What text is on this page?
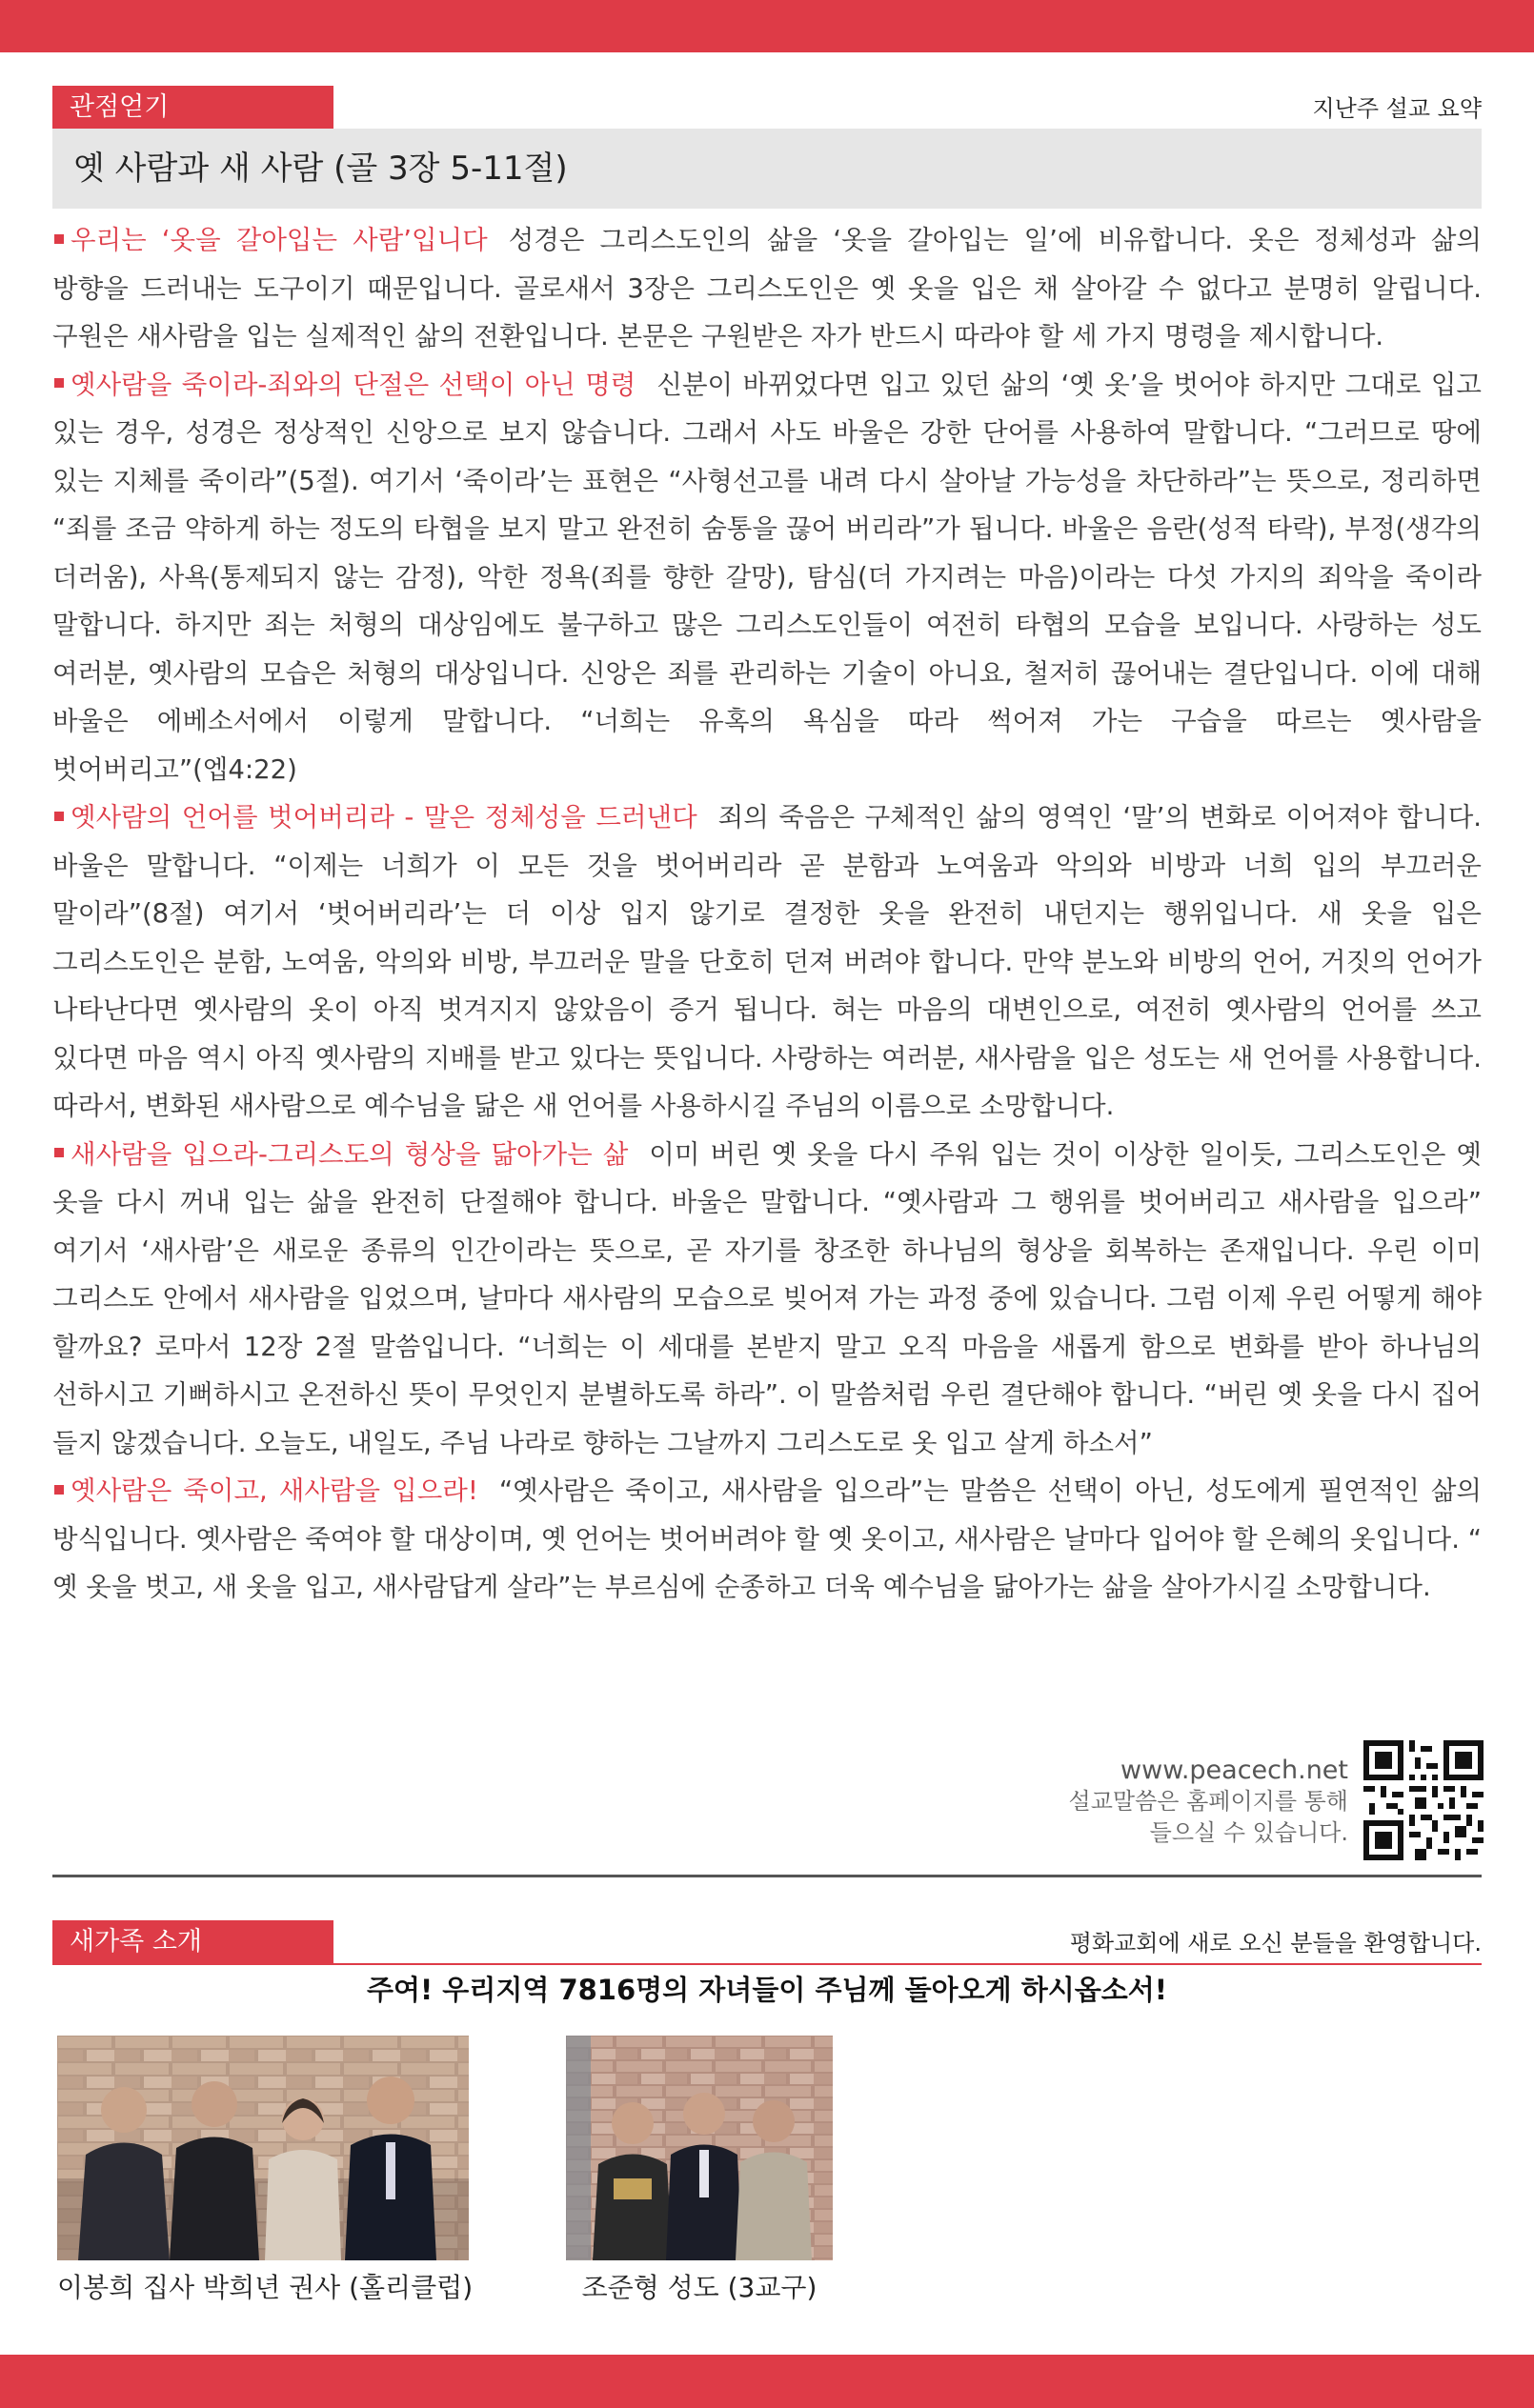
관점얻기	지난주 설교 요약
옛 사람과 새 사람 (골 3장 5-11절)

우리는 ‘옷을 갈아입는 사람’입니다 성경은 그리스도인의 삶을 ‘옷을 갈아입는 일’에 비유합니다. 옷은 정체성과 삶의 방향을 드러내는 도구이기 때문입니다. 골로새서 3장은 그리스도인은 옛 옷을 입은 채 살아갈 수 없다고 분명히 알립니다. 구원은 새사람을 입는 실제적인 삶의 전환입니다. 본문은 구원받은 자가 반드시 따라야 할 세 가지 명령을 제시합니다.

옛사람을 죽이라-죄와의 단절은 선택이 아닌 명령 신분이 바뀌었다면 입고 있던 삶의 ‘옛 옷’을 벗어야 하지만 그대로 입고 있는 경우, 성경은 정상적인 신앙으로 보지 않습니다. 그래서 사도 바울은 강한 단어를 사용하여 말합니다. “그러므로 땅에 있는 지체를 죽이라”(5절). 여기서 ‘죽이라’는 표현은 “사형선고를 내려 다시 살아날 가능성을 차단하라”는 뜻으로, 정리하면 “죄를 조금 약하게 하는 정도의 타협을 보지 말고 완전히 숨통을 끊어 버리라”가 됩니다. 바울은 음란(성적 타락), 부정(생각의 더러움), 사욕(통제되지 않는 감정), 악한 정욕(죄를 향한 갈망), 탐심(더 가지려는 마음)이라는 다섯 가지의 죄악을 죽이라 말합니다. 하지만 죄는 처형의 대상임에도 불구하고 많은 그리스도인들이 여전히 타협의 모습을 보입니다. 사랑하는 성도 여러분, 옛사람의 모습은 처형의 대상입니다. 신앙은 죄를 관리하는 기술이 아니요, 철저히 끊어내는 결단입니다. 이에 대해 바울은 에베소서에서 이렇게 말합니다. “너희는 유혹의 욕심을 따라 썩어져 가는 구습을 따르는 옛사람을 벗어버리고”(엡4:22)

옛사람의 언어를 벗어버리라 - 말은 정체성을 드러낸다 죄의 죽음은 구체적인 삶의 영역인 ‘말’의 변화로 이어져야 합니다. 바울은 말합니다. “이제는 너희가 이 모든 것을 벗어버리라 곧 분함과 노여움과 악의와 비방과 너희 입의 부끄러운 말이라”(8절) 여기서 ‘벗어버리라’는 더 이상 입지 않기로 결정한 옷을 완전히 내던지는 행위입니다. 새 옷을 입은 그리스도인은 분함, 노여움, 악의와 비방, 부끄러운 말을 단호히 던져 버려야 합니다. 만약 분노와 비방의 언어, 거짓의 언어가 나타난다면 옛사람의 옷이 아직 벗겨지지 않았음이 증거 됩니다. 혀는 마음의 대변인으로, 여전히 옛사람의 언어를 쓰고 있다면 마음 역시 아직 옛사람의 지배를 받고 있다는 뜻입니다. 사랑하는 여러분, 새사람을 입은 성도는 새 언어를 사용합니다. 따라서, 변화된 새사람으로 예수님을 닮은 새 언어를 사용하시길 주님의 이름으로 소망합니다.

새사람을 입으라-그리스도의 형상을 닮아가는 삶 이미 버린 옛 옷을 다시 주워 입는 것이 이상한 일이듯, 그리스도인은 옛 옷을 다시 꺼내 입는 삶을 완전히 단절해야 합니다. 바울은 말합니다. “옛사람과 그 행위를 벗어버리고 새사람을 입으라” 여기서 ‘새사람’은 새로운 종류의 인간이라는 뜻으로, 곧 자기를 창조한 하나님의 형상을 회복하는 존재입니다. 우린 이미 그리스도 안에서 새사람을 입었으며, 날마다 새사람의 모습으로 빚어져 가는 과정 중에 있습니다. 그럼 이제 우린 어떻게 해야 할까요? 로마서 12장 2절 말씀입니다. “너희는 이 세대를 본받지 말고 오직 마음을 새롭게 함으로 변화를 받아 하나님의 선하시고 기뻐하시고 온전하신 뜻이 무엇인지 분별하도록 하라”. 이 말씀처럼 우린 결단해야 합니다. “버린 옛 옷을 다시 집어 들지 않겠습니다. 오늘도, 내일도, 주님 나라로 향하는 그날까지 그리스도로 옷 입고 살게 하소서”

옛사람은 죽이고, 새사람을 입으라! “옛사람은 죽이고, 새사람을 입으라”는 말씀은 선택이 아닌, 성도에게 필연적인 삶의 방식입니다. 옛사람은 죽여야 할 대상이며, 옛 언어는 벗어버려야 할 옛 옷이고, 새사람은 날마다 입어야 할 은혜의 옷입니다. “ 옛 옷을 벗고, 새 옷을 입고, 새사람답게 살라”는 부르심에 순종하고 더욱 예수님을 닮아가는 삶을 살아가시길 소망합니다.

www.peacech.net
설교말씀은 홈페이지를 통해
들으실 수 있습니다.
새가족 소개	평화교회에 새로 오신 분들을 환영합니다.
주여! 우리지역 7816명의 자녀들이 주님께 돌아오게 하시옵소서!
이봉희 집사 박희년 권사 (홀리클럽)	조준형 성도 (3교구)
